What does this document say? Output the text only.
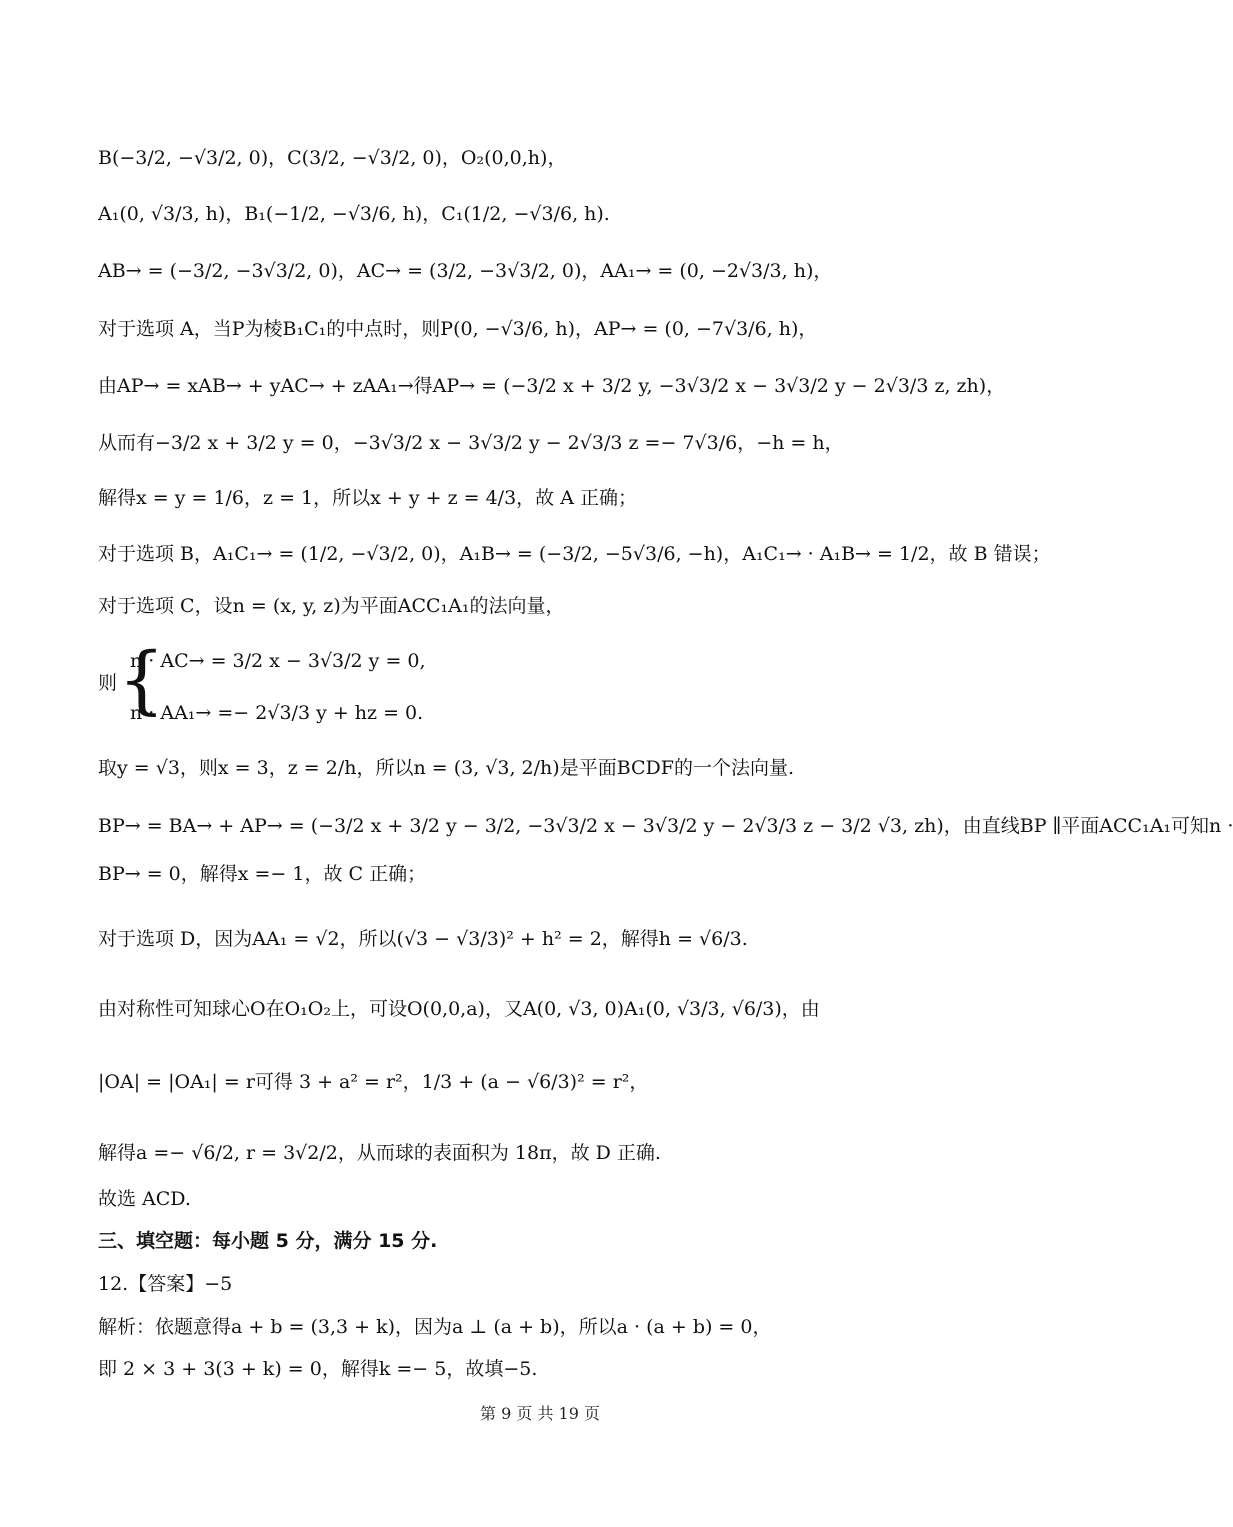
B(−3/2, −√3/2, 0)，C(3/2, −√3/2, 0)，O₂(0,0,h)，
A₁(0, √3/3, h)，B₁(−1/2, −√3/6, h)，C₁(1/2, −√3/6, h).
AB→ = (−3/2, −3√3/2, 0)，AC→ = (3/2, −3√3/2, 0)，AA₁→ = (0, −2√3/3, h)，
对于选项 A，当P为棱B₁C₁的中点时，则P(0, −√3/6, h)，AP→ = (0, −7√3/6, h)，
由AP→ = xAB→ + yAC→ + zAA₁→得AP→ = (−3/2 x + 3/2 y, −3√3/2 x − 3√3/2 y − 2√3/3 z, zh)，
从而有−3/2 x + 3/2 y = 0，−3√3/2 x − 3√3/2 y − 2√3/3 z =− 7√3/6，−h = h，
解得x = y = 1/6，z = 1，所以x + y + z = 4/3，故 A 正确；
对于选项 B，A₁C₁→ = (1/2, −√3/2, 0)，A₁B→ = (−3/2, −5√3/6, −h)，A₁C₁→ · A₁B→ = 1/2，故 B 错误；
对于选项 C，设n = (x, y, z)为平面ACC₁A₁的法向量，
则 {
n · AC→ = 3/2 x − 3√3/2 y = 0,
n · AA₁→ =− 2√3/3 y + hz = 0.
取y = √3，则x = 3，z = 2/h，所以n = (3, √3, 2/h)是平面BCDF的一个法向量.
BP→ = BA→ + AP→ = (−3/2 x + 3/2 y − 3/2, −3√3/2 x − 3√3/2 y − 2√3/3 z − 3/2 √3, zh)，由直线BP ∥平面ACC₁A₁可知n ·
BP→ = 0，解得x =− 1，故 C 正确；
对于选项 D，因为AA₁ = √2，所以(√3 − √3/3)² + h² = 2，解得h = √6/3.
由对称性可知球心O在O₁O₂上，可设O(0,0,a)，又A(0, √3, 0)A₁(0, √3/3, √6/3)，由
|OA| = |OA₁| = r可得 3 + a² = r²，1/3 + (a − √6/3)² = r²，
解得a =− √6/2, r = 3√2/2，从而球的表面积为 18π，故 D 正确.
故选 ACD.
三、填空题：每小题 5 分，满分 15 分.
12.【答案】−5
解析：依题意得a + b = (3,3 + k)，因为a ⊥ (a + b)，所以a · (a + b) = 0，
即 2 × 3 + 3(3 + k) = 0，解得k =− 5，故填−5.
第 9 页 共 19 页
